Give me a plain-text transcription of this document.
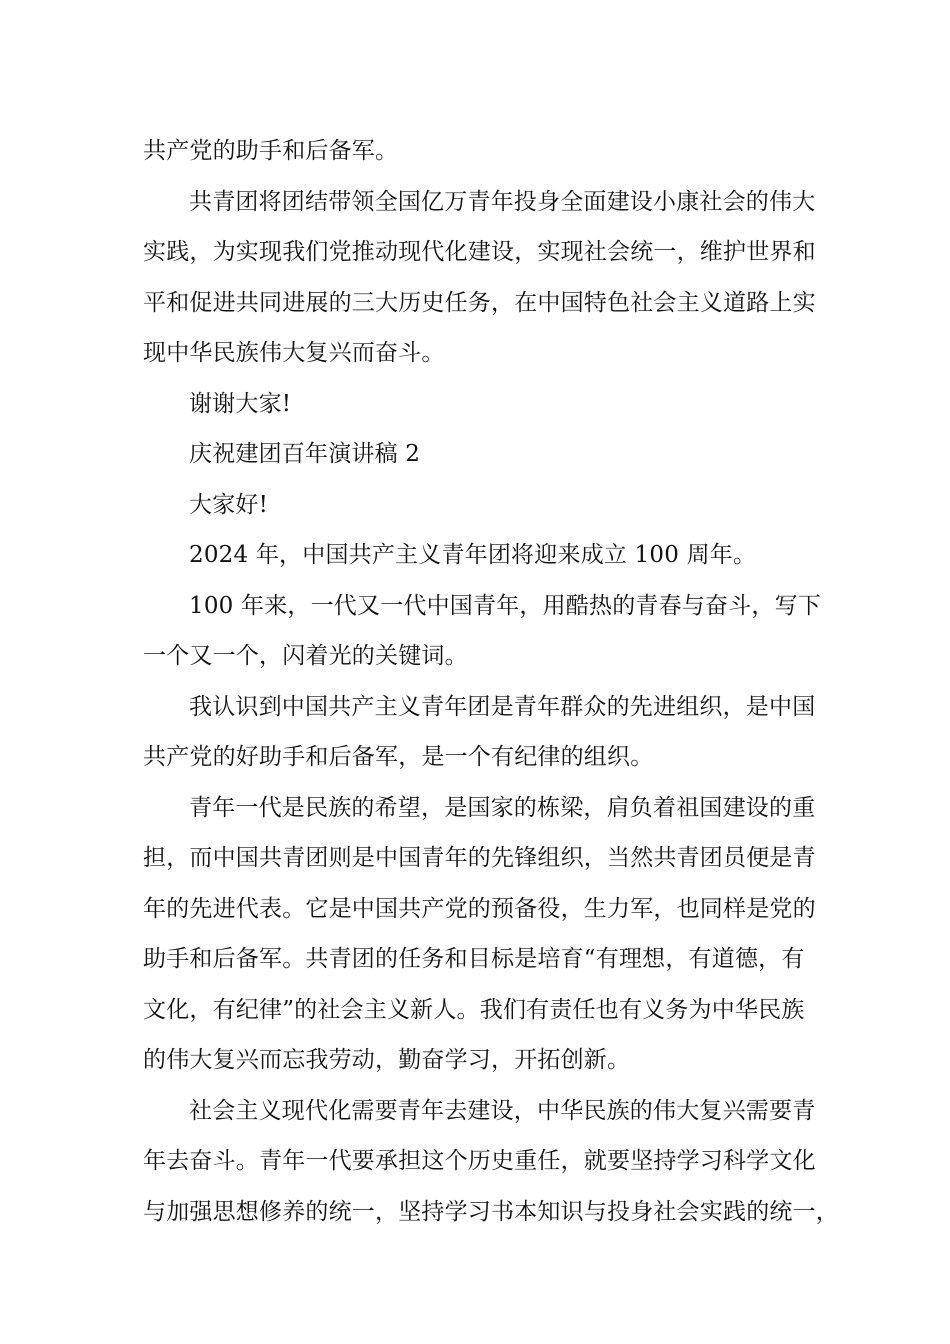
共产党的助手和后备军。

共青团将团结带领全国亿万青年投身全面建设小康社会的伟大

实践，为实现我们党推动现代化建设，实现社会统一，维护世界和

平和促进共同进展的三大历史任务，在中国特色社会主义道路上实

现中华民族伟大复兴而奋斗。

谢谢大家!

庆祝建团百年演讲稿 2

大家好!

2024 年，中国共产主义青年团将迎来成立 100 周年。

100 年来，一代又一代中国青年，用酷热的青春与奋斗，写下

一个又一个，闪着光的关键词。

我认识到中国共产主义青年团是青年群众的先进组织，是中国

共产党的好助手和后备军，是一个有纪律的组织。

青年一代是民族的希望，是国家的栋梁，肩负着祖国建设的重

担，而中国共青团则是中国青年的先锋组织，当然共青团员便是青

年的先进代表。它是中国共产党的预备役，生力军，也同样是党的

助手和后备军。共青团的任务和目标是培育“有理想，有道德，有

文化，有纪律”的社会主义新人。我们有责任也有义务为中华民族

的伟大复兴而忘我劳动，勤奋学习，开拓创新。

社会主义现代化需要青年去建设，中华民族的伟大复兴需要青

年去奋斗。青年一代要承担这个历史重任，就要坚持学习科学文化

与加强思想修养的统一，坚持学习书本知识与投身社会实践的统一，
